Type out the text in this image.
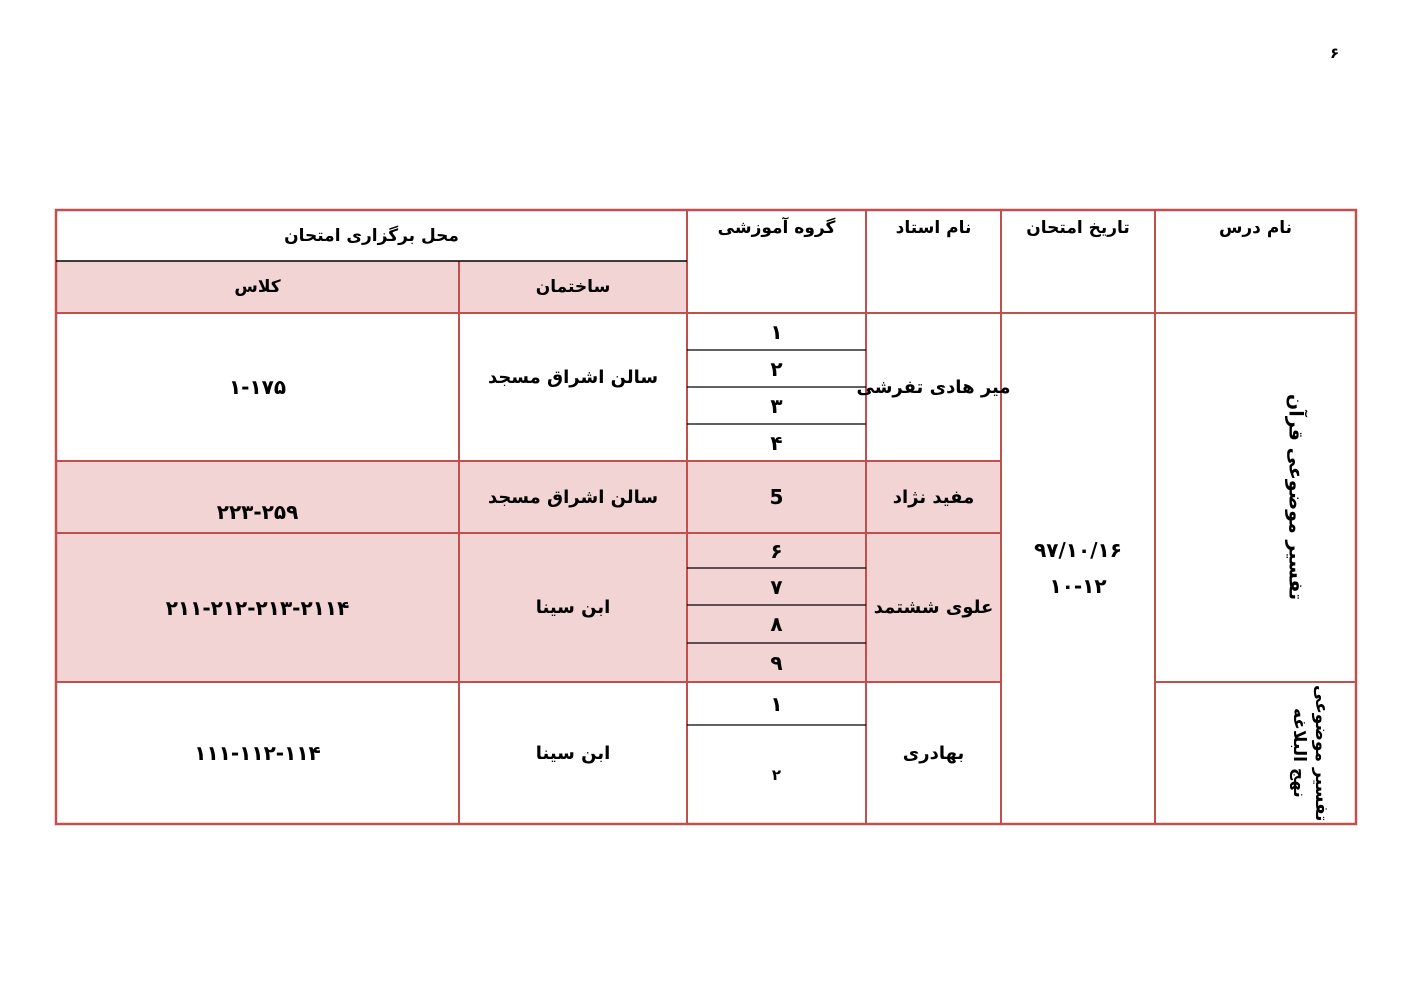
۶
نام درس
تاریخ امتحان
نام استاد
گروه آموزشی
محل برگزاری امتحان
ساختمان
کلاس
تفسیر موضوعی قرآن
تفسیر موضوعی نهج البلاغه
۹۷/۱۰/۱۶
۱۰-۱۲
میر هادی تفرشی
۱
۲
۳
۴
سالن اشراق مسجد
۱-۱۷۵
مفید نژاد
5
سالن اشراق مسجد
۲۲۳-۲۵۹
علوی ششتمد
۶
۷
۸
۹
ابن سینا
۲۱۱-۲۱۲-۲۱۳-۲۱۱۴
بهادری
۱
۲
ابن سینا
۱۱۱-۱۱۲-۱۱۴
